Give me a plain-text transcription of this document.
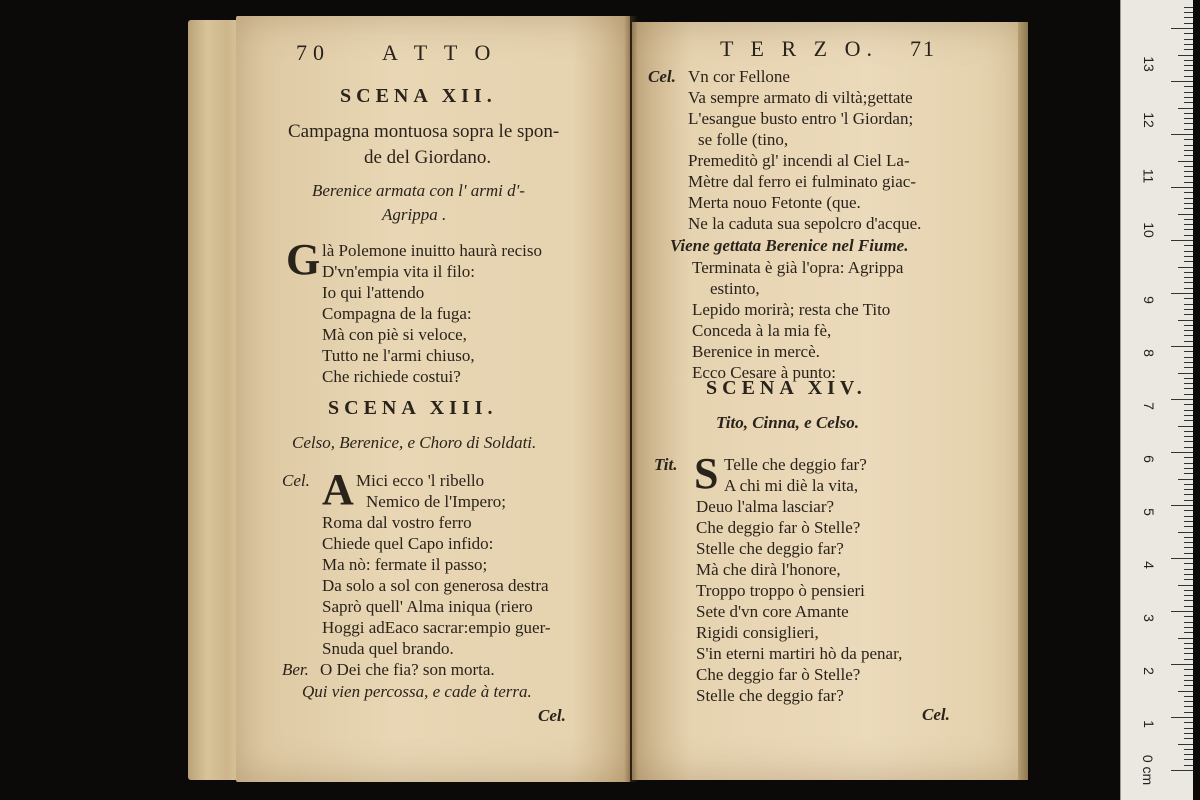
70 A T T O
SCENA XII.
Campagna montuosa sopra le spon-
de del Giordano.
Berenice armata con l' armi d'-
Agrippa .
G là Polemone inuitto haurà reciso
D'vn'empia vita il filo:
Io qui l'attendo
Compagna de la fuga:
Mà con piè si veloce,
Tutto ne l'armi chiuso,
Che richiede costui?
SCENA XIII.
Celso, Berenice, e Choro di Soldati.
Cel. A Mici ecco 'l ribello
Nemico de l'Impero;
Roma dal vostro ferro
Chiede quel Capo infido:
Ma nò: fermate il passo;
Da solo a sol con generosa destra
Saprò quell' Alma iniqua (riero
Hoggi adEaco sacrar:empio guer-
Snuda quel brando.
Ber. O Dei che fia? son morta.
Qui vien percossa, e cade à terra.
Cel.
T E R Z O. 71
Cel. Vn cor Fellone
Va sempre armato di viltà;gettate
L'esangue busto entro 'l Giordan;
se folle (tino,
Premeditò gl' incendi al Ciel La-
Mètre dal ferro ei fulminato giac-
Merta nouo Fetonte (que.
Ne la caduta sua sepolcro d'acque.
Viene gettata Berenice nel Fiume.
Terminata è già l'opra: Agrippa
estinto,
Lepido morirà; resta che Tito
Conceda à la mia fè,
Berenice in mercè.
Ecco Cesare à punto:
SCENA XIV.
Tito, Cinna, e Celso.
Tit. S Telle che deggio far?
A chi mi diè la vita,
Deuo l'alma lasciar?
Che deggio far ò Stelle?
Stelle che deggio far?
Mà che dirà l'honore,
Troppo troppo ò pensieri
Sete d'vn core Amante
Rigidi consiglieri,
S'in eterni martiri hò da penar,
Che deggio far ò Stelle?
Stelle che deggio far?
Cel.
0 cm
1
2
3
4
5
6
7
8
9
10
11
12
13
